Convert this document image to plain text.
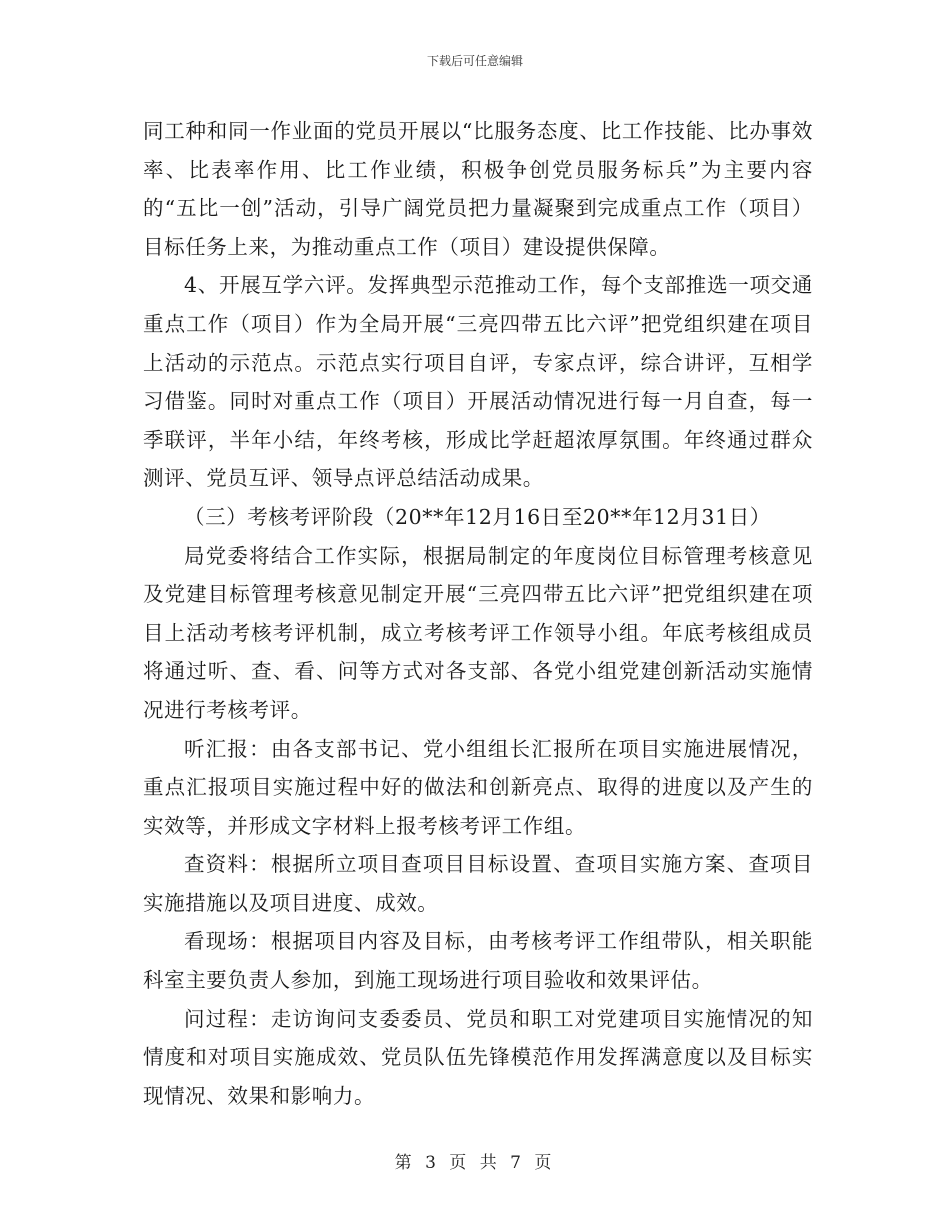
下载后可任意编辑

同工种和同一作业面的党员开展以“比服务态度、比工作技能、比办事效率、比表率作用、比工作业绩，积极争创党员服务标兵”为主要内容的“五比一创”活动，引导广阔党员把力量凝聚到完成重点工作（项目）目标任务上来，为推动重点工作（项目）建设提供保障。

4、开展互学六评。发挥典型示范推动工作，每个支部推选一项交通重点工作（项目）作为全局开展“三亮四带五比六评”把党组织建在项目上活动的示范点。示范点实行项目自评，专家点评，综合讲评，互相学习借鉴。同时对重点工作（项目）开展活动情况进行每一月自查，每一季联评，半年小结，年终考核，形成比学赶超浓厚氛围。年终通过群众测评、党员互评、领导点评总结活动成果。

（三）考核考评阶段（20**年12月16日至20**年12月31日）

局党委将结合工作实际，根据局制定的年度岗位目标管理考核意见及党建目标管理考核意见制定开展“三亮四带五比六评”把党组织建在项目上活动考核考评机制，成立考核考评工作领导小组。年底考核组成员将通过听、查、看、问等方式对各支部、各党小组党建创新活动实施情况进行考核考评。

听汇报：由各支部书记、党小组组长汇报所在项目实施进展情况，重点汇报项目实施过程中好的做法和创新亮点、取得的进度以及产生的实效等，并形成文字材料上报考核考评工作组。

查资料：根据所立项目查项目目标设置、查项目实施方案、查项目实施措施以及项目进度、成效。

看现场：根据项目内容及目标，由考核考评工作组带队，相关职能科室主要负责人参加，到施工现场进行项目验收和效果评估。

问过程：走访询问支委委员、党员和职工对党建项目实施情况的知情度和对项目实施成效、党员队伍先锋模范作用发挥满意度以及目标实现情况、效果和影响力。

第 3 页 共 7 页
